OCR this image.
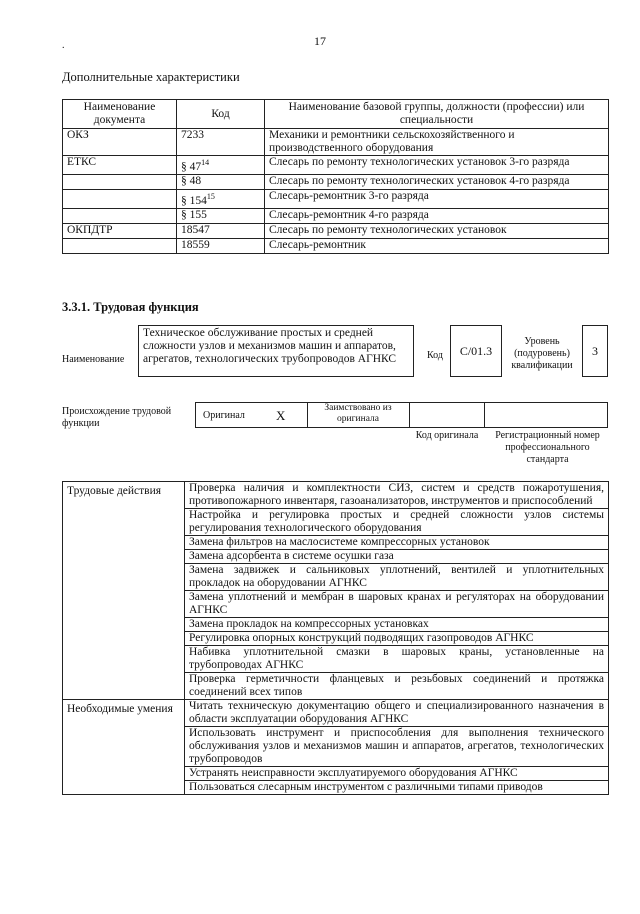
.	17
Дополнительные характеристики
Наименование документа	Код	Наименование базовой группы, должности (профессии) или специальности
ОКЗ	7233	Механики и ремонтники сельскохозяйственного и производственного оборудования
ЕТКС	§ $47^{14}$	Слесарь по ремонту технологических установок 3-го разряда
	§ 48	Слесарь по ремонту технологических установок 4-го разряда
	§ $154^{15}$	Слесарь-ремонтник 3-го разряда
	§ 155	Слесарь-ремонтник 4-го разряда
ОКПДТР	18547	Слесарь по ремонту технологических установок
	18559	Слесарь-ремонтник
3.3.1. Трудовая функция
Наименование
Техническое обслуживание простых и средней сложности узлов и механизмов машин и аппаратов, агрегатов, технологических трубопроводов АГНКС	Код	C/01.3
Уровень (подуровень) квалификации
3
Происхождение трудовой функции
Оригинал X	Заимствовано из оригинала
Код оригинала	Регистрационный номер профессионального стандарта
Трудовые действия	Проверка наличия и комплектности СИЗ, систем и средств пожаротушения, противопожарного инвентаря, газоанализаторов, инструментов и приспособлений
	Настройка и регулировка простых и средней сложности узлов системы регулирования технологического оборудования
	Замена фильтров на маслосистеме компрессорных установок
	Замена адсорбента в системе осушки газа
	Замена задвижек и сальниковых уплотнений, вентилей и уплотнительных прокладок на оборудовании АГНКС
	Замена уплотнений и мембран в шаровых кранах и регуляторах на оборудовании АГНКС
	Замена прокладок на компрессорных установках
	Регулировка опорных конструкций подводящих газопроводов АГНКС
	Набивка уплотнительной смазки в шаровых краны, установленные на трубопроводах АГНКС
	Проверка герметичности фланцевых и резьбовых соединений и протяжка соединений всех типов
Необходимые умения	Читать техническую документацию общего и специализированного назначения в области эксплуатации оборудования АГНКС
	Использовать инструмент и приспособления для выполнения технического обслуживания узлов и механизмов машин и аппаратов, агрегатов, технологических трубопроводов
	Устранять неисправности эксплуатируемого оборудования АГНКС
	Пользоваться слесарным инструментом с различными типами приводов
